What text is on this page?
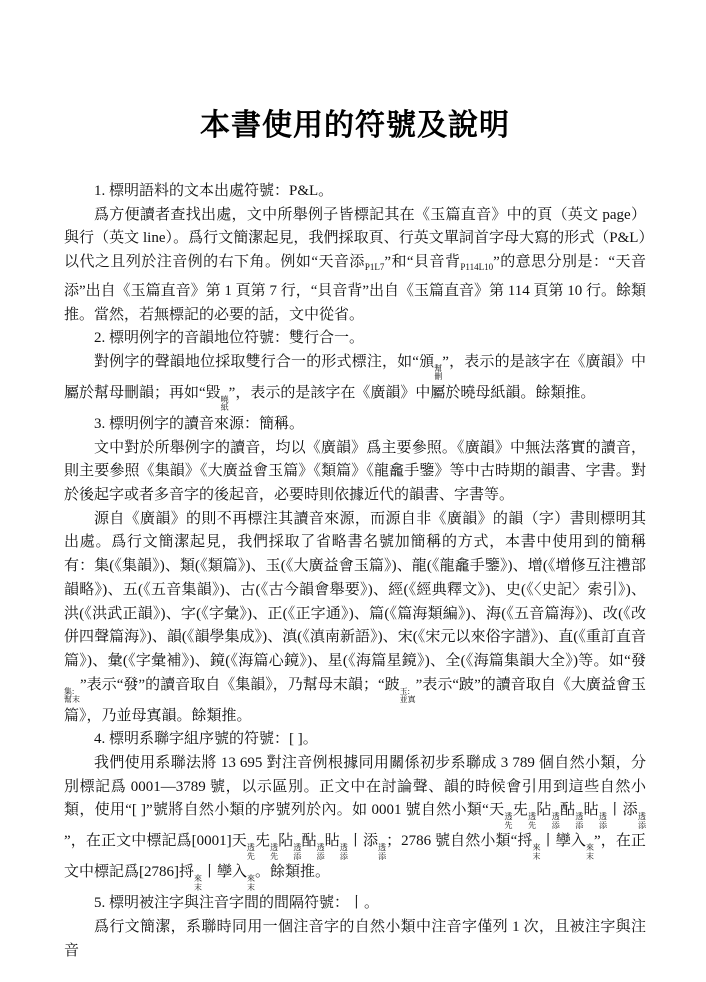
本書使用的符號及說明

1. 標明語料的文本出處符號：P&L。

爲方便讀者查找出處，文中所舉例子皆標記其在《玉篇直音》中的頁（英文 page）與行（英文 line）。爲行文簡潔起見，我們採取頁、行英文單詞首字母大寫的形式（P&L）以代之且列於注音例的右下角。例如“天音添$_{P1L7}$”和“貝音背$_{P114L10}$”的意思分別是：“天音添”出自《玉篇直音》第 1 頁第 7 行，“貝音背”出自《玉篇直音》第 114 頁第 10 行。餘類推。當然，若無標記的必要的話，文中從省。

2. 標明例字的音韻地位符號：雙行合一。

對例字的聲韻地位採取雙行合一的形式標注，如“頒 幫
刪
”，表示的是該字在《廣韻》中屬於幫母刪韻；再如“毀 曉
紙
”，表示的是該字在《廣韻》中屬於曉母紙韻。餘類推。

3. 標明例字的讀音來源：簡稱。

文中對於所舉例字的讀音，均以《廣韻》爲主要參照。《廣韻》中無法落實的讀音，則主要參照《集韻》《大廣益會玉篇》《類篇》《龍龕手鑒》等中古時期的韻書、字書。對於後起字或者多音字的後起音，必要時則依據近代的韻書、字書等。

源自《廣韻》的則不再標注其讀音來源，而源自非《廣韻》的韻（字）書則標明其出處。爲行文簡潔起見，我們採取了省略書名號加簡稱的方式，本書中使用到的簡稱有：集(《集韻》)、類(《類篇》)、玉(《大廣益會玉篇》)、龍(《龍龕手鑒》)、增(《增修互注禮部韻略》)、五(《五音集韻》)、古(《古今韻會舉要》)、經(《經典釋文》)、史(《〈史記〉索引》)、洪(《洪武正韻》)、字(《字彙》)、正(《正字通》)、篇(《篇海類編》)、海(《五音篇海》)、改(《改併四聲篇海》)、韻(《韻學集成》)、滇(《滇南新語》)、宋(《宋元以來俗字譜》)、直(《重訂直音篇》)、彙(《字彙補》)、鏡(《海篇心鏡》)、星(《海篇星鏡》)、全(《海篇集韻大全》)等。如“發
集:
幫末
”表示“發”的讀音取自《集韻》，乃幫母末韻；“跛 玉:
並寘
”表示“跛”的讀音取自《大廣益會玉篇》，乃並母寘韻。餘類推。

4. 標明系聯字組序號的符號：[ ]。

我們使用系聯法將 13 695 對注音例根據同用關係初步系聯成 3 789 個自然小類，分別標記爲 0001—3789 號，以示區別。正文中在討論聲、韻的時候會引用到這些自然小類，使用“[ ]”號將自然小類的序號列於內。如 0001 號自然小類“天 透
先
兂 透
先
阽 透
添
酟 透
添
䀡 透
添
丨添 透
添
”，在正文中標記爲[0001]天 透
先
兂 透
先
阽 透
添
酟 透
添
䀡 透
添
丨添 透
添
；2786 號自然小類“捋 來
末
丨孿入 來
末
”，在正文中標記爲[2786]捋 來
末
丨孿入 來
末
。餘類推。

5. 標明被注字與注音字間的間隔符號：丨。

爲行文簡潔，系聯時同用一個注音字的自然小類中注音字僅列 1 次，且被注字與注音
